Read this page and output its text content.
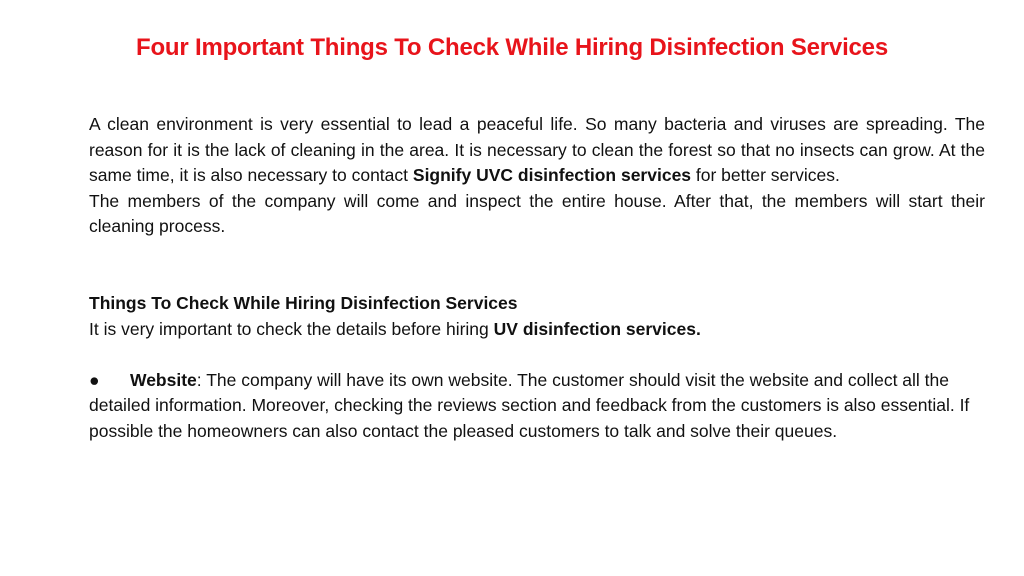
Four Important Things To Check While Hiring Disinfection Services

A clean environment is very essential to lead a peaceful life. So many bacteria and viruses are spreading. The reason for it is the lack of cleaning in the area. It is necessary to clean the forest so that no insects can grow. At the same time, it is also necessary to contact Signify UVC disinfection services for better services.

The members of the company will come and inspect the entire house. After that, the members will start their cleaning process.

Things To Check While Hiring Disinfection Services

It is very important to check the details before hiring UV disinfection services.

● Website: The company will have its own website. The customer should visit the website and collect all the detailed information. Moreover, checking the reviews section and feedback from the customers is also essential. If possible the homeowners can also contact the pleased customers to talk and solve their queues.
